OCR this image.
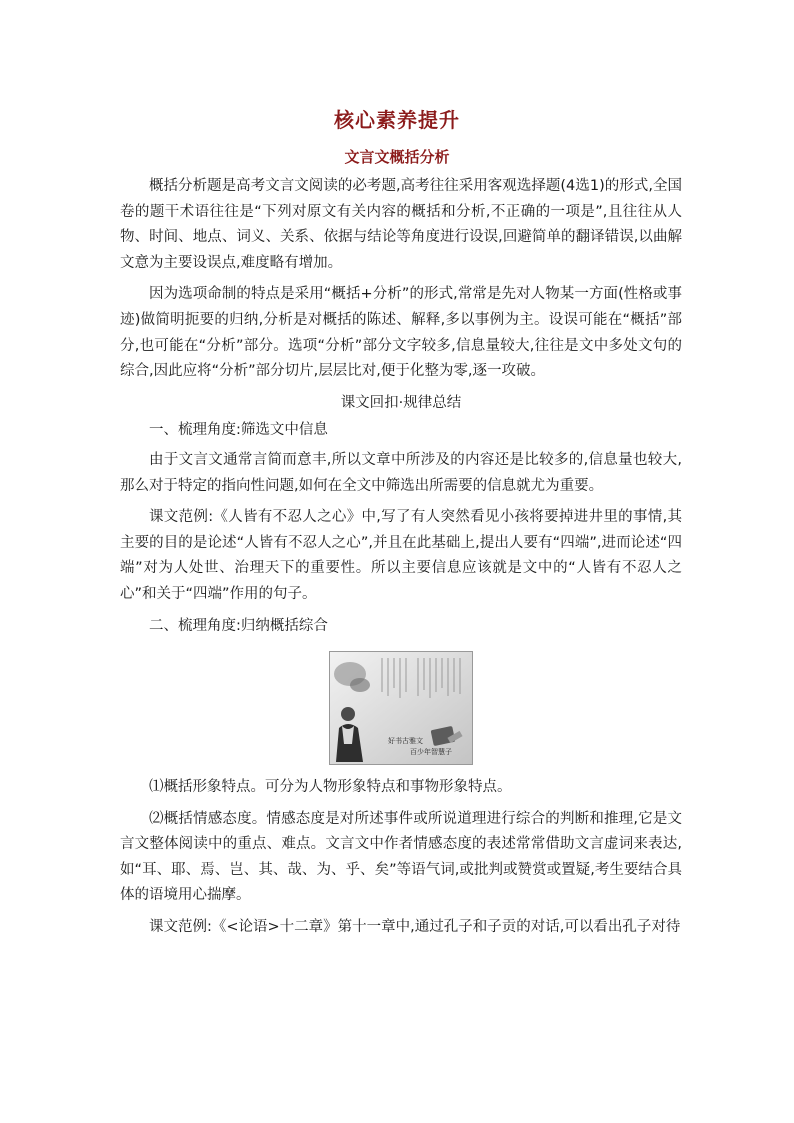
核心素养提升
文言文概括分析

概括分析题是高考文言文阅读的必考题,高考往往采用客观选择题(4选1)的形式,全国卷的题干术语往往是“下列对原文有关内容的概括和分析,不正确的一项是”,且往往从人物、时间、地点、词义、关系、依据与结论等角度进行设误,回避简单的翻译错误,以曲解文意为主要设误点,难度略有增加。

因为选项命制的特点是采用“概括+分析”的形式,常常是先对人物某一方面(性格或事迹)做简明扼要的归纳,分析是对概括的陈述、解释,多以事例为主。设误可能在“概括”部分,也可能在“分析”部分。选项“分析”部分文字较多,信息量较大,往往是文中多处文句的综合,因此应将“分析”部分切片,层层比对,便于化整为零,逐一攻破。

课文回扣·规律总结

一、梳理角度:筛选文中信息

由于文言文通常言简而意丰,所以文章中所涉及的内容还是比较多的,信息量也较大,那么对于特定的指向性问题,如何在全文中筛选出所需要的信息就尤为重要。

课文范例:《人皆有不忍人之心》中,写了有人突然看见小孩将要掉进井里的事情,其主要的目的是论述“人皆有不忍人之心”,并且在此基础上,提出人要有“四端”,进而论述“四端”对为人处世、治理天下的重要性。所以主要信息应该就是文中的“人皆有不忍人之心”和关于“四端”作用的句子。

二、梳理角度:归纳概括综合

好书古雅文
百少年智慧子

⑴概括形象特点。可分为人物形象特点和事物形象特点。

⑵概括情感态度。情感态度是对所述事件或所说道理进行综合的判断和推理,它是文言文整体阅读中的重点、难点。文言文中作者情感态度的表述常常借助文言虚词来表达,如“耳、耶、焉、岂、其、哉、为、乎、矣”等语气词,或批判或赞赏或置疑,考生要结合具体的语境用心揣摩。

课文范例:《<论语>十二章》第十一章中,通过孔子和子贡的对话,可以看出孔子对待
